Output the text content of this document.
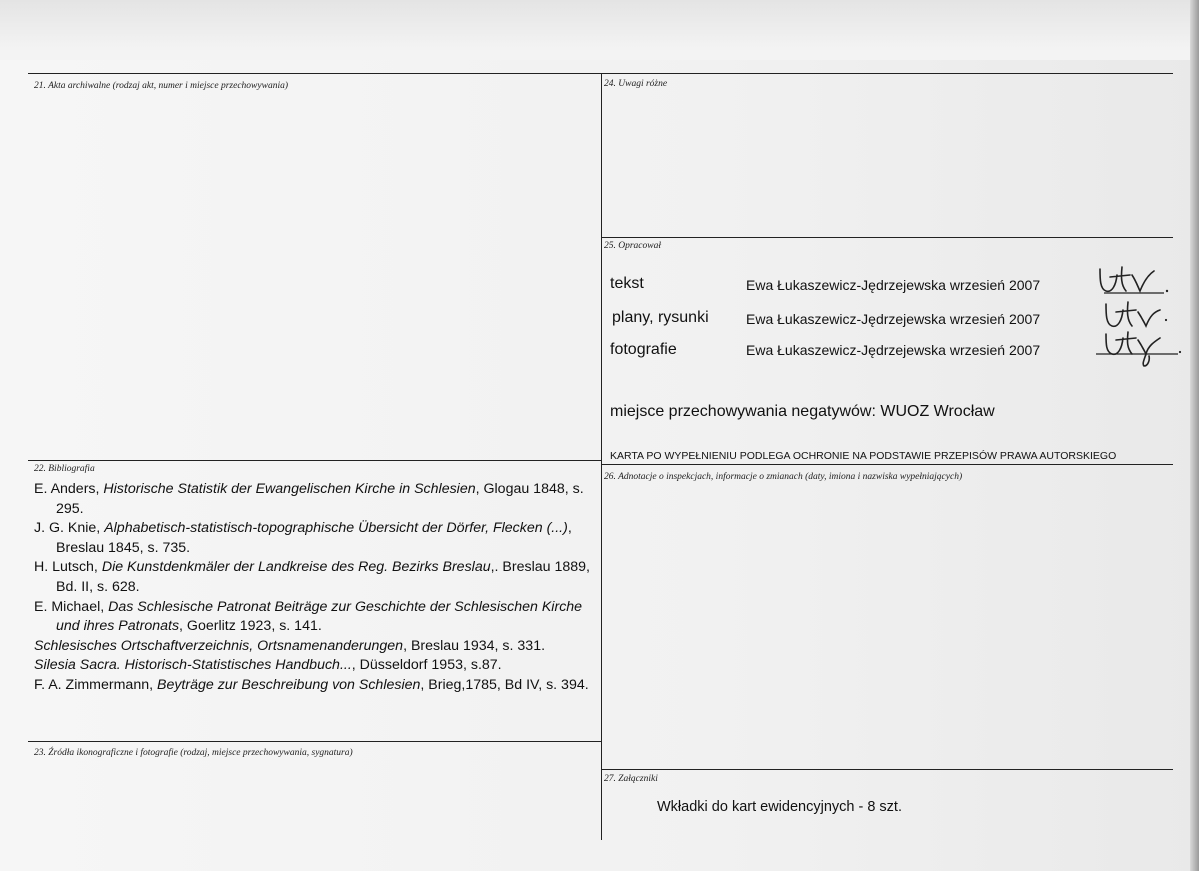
21. Akta archiwalne (rodzaj akt, numer i miejsce przechowywania)	24. Uwagi różne
25. Opracował
tekst	Ewa Łukaszewicz-Jędrzejewska wrzesień 2007
plany, rysunki	Ewa Łukaszewicz-Jędrzejewska wrzesień 2007
fotografie	Ewa Łukaszewicz-Jędrzejewska wrzesień 2007
miejsce przechowywania negatywów: WUOZ Wrocław
KARTA PO WYPEŁNIENIU PODLEGA OCHRONIE NA PODSTAWIE PRZEPISÓW PRAWA AUTORSKIEGO
22. Bibliografia

E. Anders, Historische Statistik der Ewangelischen Kirche in Schlesien, Glogau 1848, s. 295.

J. G. Knie, Alphabetisch-statistisch-topographische Übersicht der Dörfer, Flecken (...), Breslau 1845, s. 735.

H. Lutsch, Die Kunstdenkmäler der Landkreise des Reg. Bezirks Breslau,. Breslau 1889, Bd. II, s. 628.

E. Michael, Das Schlesische Patronat Beiträge zur Geschichte der Schlesischen Kirche und ihres Patronats, Goerlitz 1923, s. 141.

Schlesisches Ortschaftverzeichnis, Ortsnamenanderungen, Breslau 1934, s. 331.

Silesia Sacra. Historisch-Statistisches Handbuch..., Düsseldorf 1953, s.87.

F. A. Zimmermann, Beyträge zur Beschreibung von Schlesien, Brieg,1785, Bd IV, s. 394.

26. Adnotacje o inspekcjach, informacje o zmianach (daty, imiona i nazwiska wypełniających)
23. Źródła ikonograficzne i fotografie (rodzaj, miejsce przechowywania, sygnatura)
27. Załączniki
Wkładki do kart ewidencyjnych - 8 szt.
